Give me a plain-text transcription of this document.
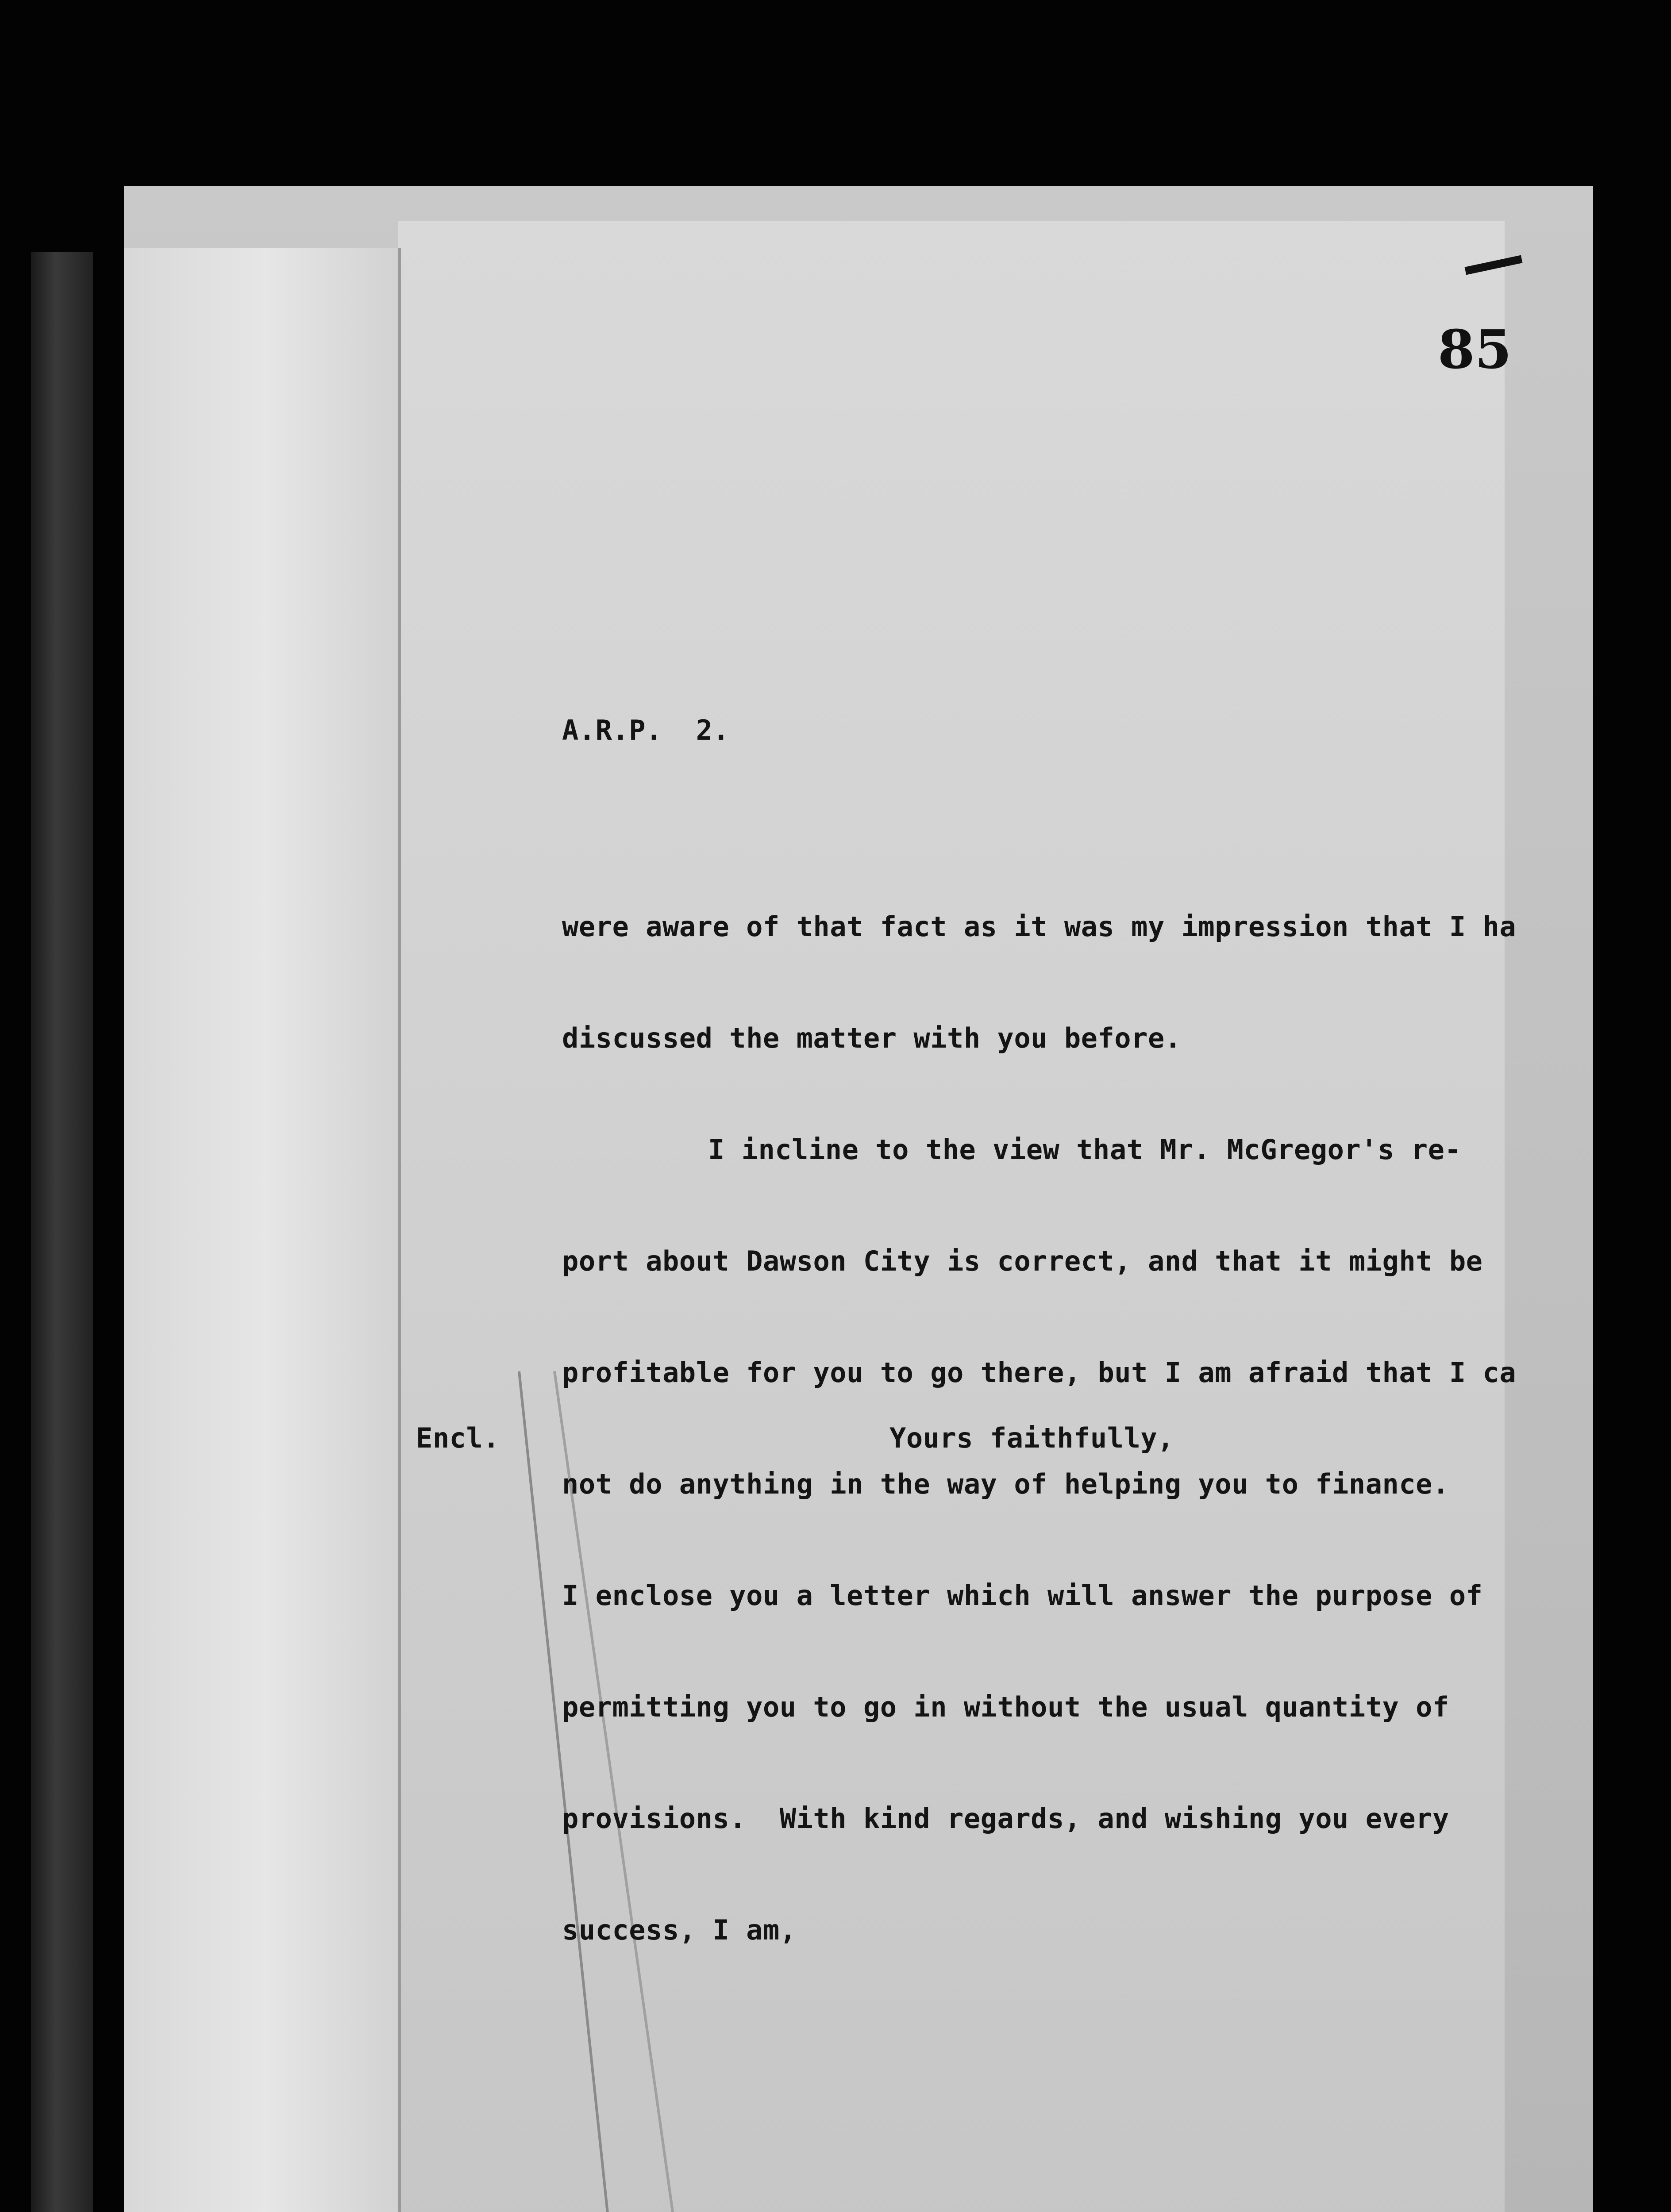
85
A.R.P.  2.

were aware of that fact as it was my impression that I ha

discussed the matter with you before.

I incline to the view that Mr. McGregor's re-

port about Dawson City is correct, and that it might be

profitable for you to go there, but I am afraid that I ca

not do anything in the way of helping you to finance.

I enclose you a letter which will answer the purpose of

permitting you to go in without the usual quantity of

provisions.  With kind regards, and wishing you every

success, I am,

Encl.	Yours faithfully,
